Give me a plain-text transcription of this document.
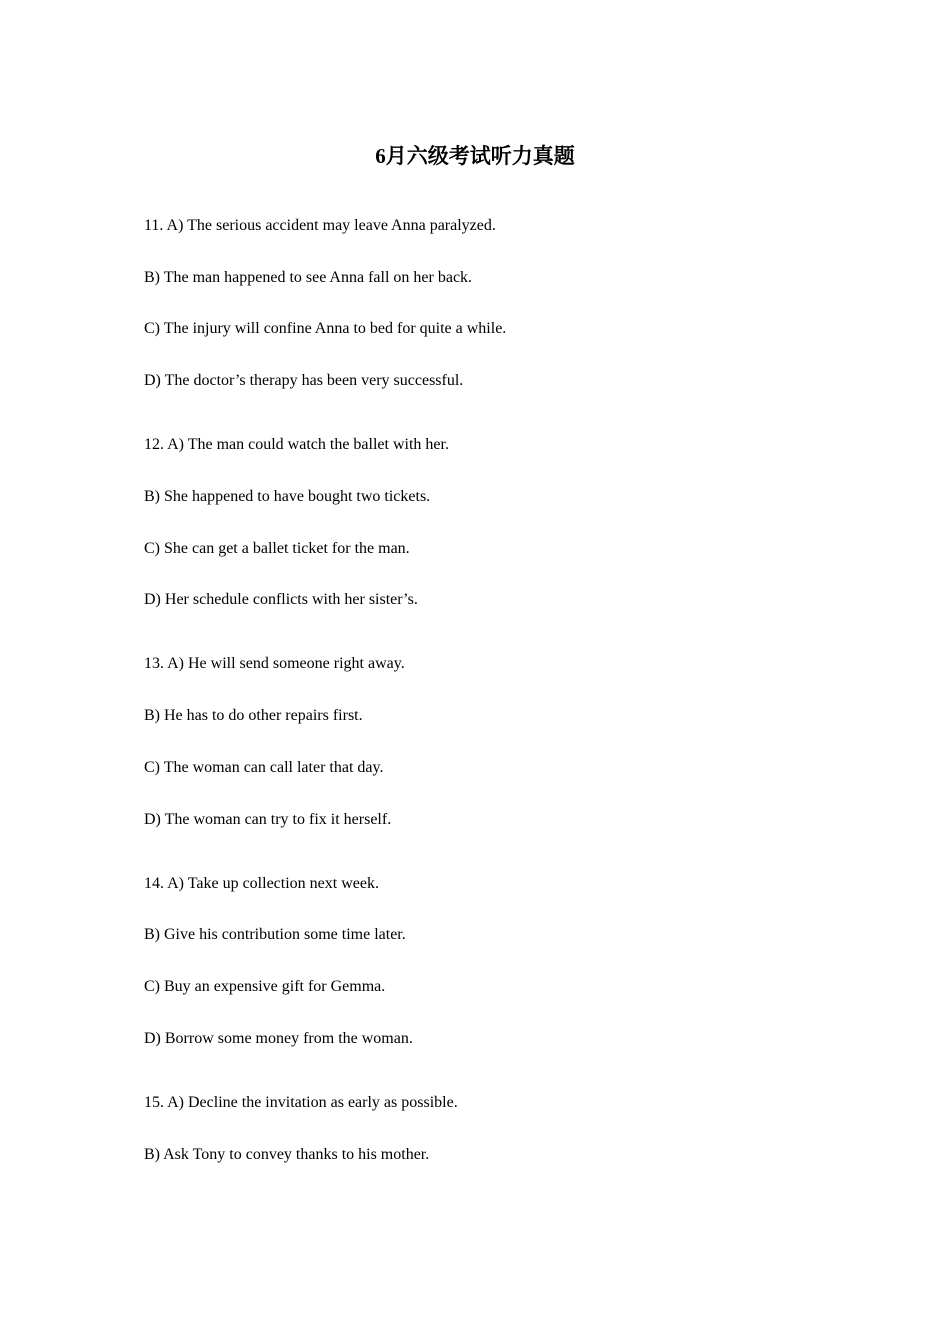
6月六级考试听力真题
11. A) The serious accident may leave Anna paralyzed.
B) The man happened to see Anna fall on her back.
C) The injury will confine Anna to bed for quite a while.
D) The doctor’s therapy has been very successful.
12. A) The man could watch the ballet with her.
B) She happened to have bought two tickets.
C) She can get a ballet ticket for the man.
D) Her schedule conflicts with her sister’s.
13. A) He will send someone right away.
B) He has to do other repairs first.
C) The woman can call later that day.
D) The woman can try to fix it herself.
14. A) Take up collection next week.
B) Give his contribution some time later.
C) Buy an expensive gift for Gemma.
D) Borrow some money from the woman.
15. A) Decline the invitation as early as possible.
B) Ask Tony to convey thanks to his mother.
